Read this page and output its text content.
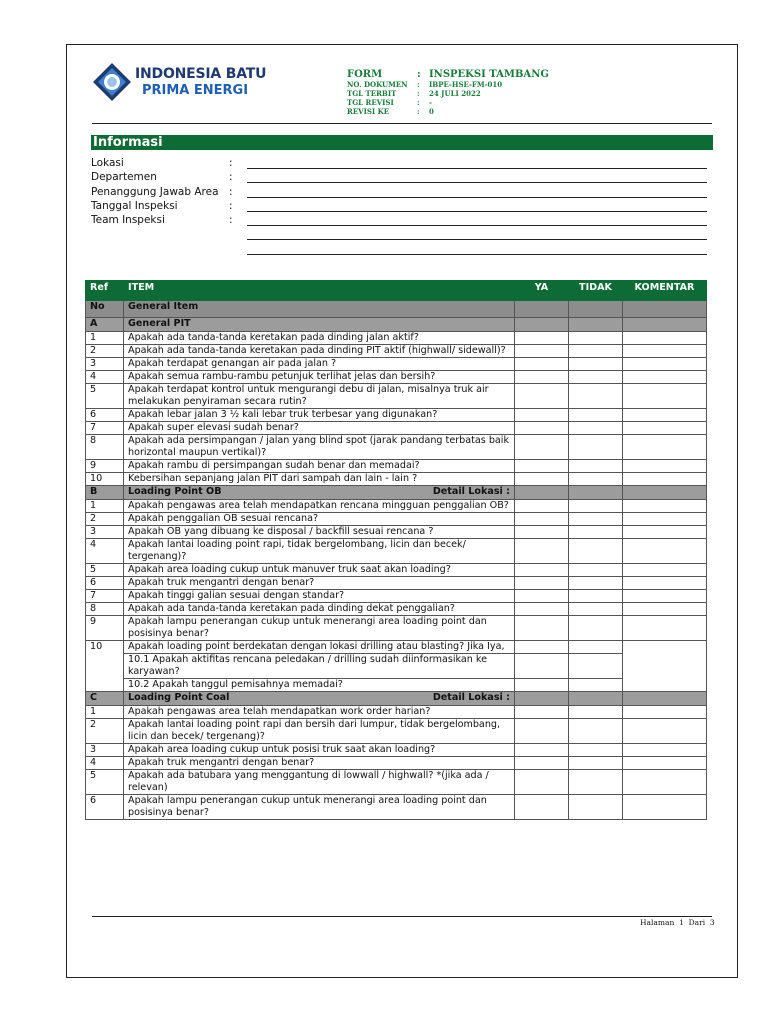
INDONESIA BATU
PRIMA ENERGI
FORM	: INSPEKSI TAMBANG
NO. DOKUMEN	:	IBPE-HSE-FM-010
TGL TERBIT	:	24 JULI 2022
TGL REVISI	:	-
REVISI KE	:	0
Informasi
Lokasi	:
Departemen	:
Penanggung Jawab Area :
Tanggal Inspeksi	:
Team Inspeksi	:
Ref	ITEM	YA	TIDAK	KOMENTAR
No	General Item			
A	General PIT			
1	Apakah ada tanda-tanda keretakan pada dinding jalan aktif?			
2	Apakah ada tanda-tanda keretakan pada dinding PIT aktif (highwall/ sidewall)?			
3	Apakah terdapat genangan air pada jalan ?			
4	Apakah semua rambu-rambu petunjuk terlihat jelas dan bersih?			
5	Apakah terdapat kontrol untuk mengurangi debu di jalan, misalnya truk air melakukan penyiraman secara rutin?			
6	Apakah lebar jalan 3 ½ kali lebar truk terbesar yang digunakan?			
7	Apakah super elevasi sudah benar?			
8	Apakah ada persimpangan / jalan yang blind spot (jarak pandang terbatas baik horizontal maupun vertikal)?			
9	Apakah rambu di persimpangan sudah benar dan memadai?			
10	Kebersihan sepanjang jalan PIT dari sampah dan lain - lain ?			
B	Loading Point OB Detail Lokasi :			

1	Apakah pengawas area telah mendapatkan rencana mingguan penggalian OB?			
2	Apakah penggalian OB sesuai rencana?			
3	Apakah OB yang dibuang ke disposal / backfill sesuai rencana ?			
4	Apakah lantai loading point rapi, tidak bergelombang, licin dan becek/ tergenang)?			
5	Apakah area loading cukup untuk manuver truk saat akan loading?			
6	Apakah truk mengantri dengan benar?			
7	Apakah tinggi galian sesuai dengan standar?			
8	Apakah ada tanda-tanda keretakan pada dinding dekat penggalian?			
9	Apakah lampu penerangan cukup untuk menerangi area loading point dan posisinya benar?			
10	Apakah loading point berdekatan dengan lokasi drilling atau blasting? Jika Iya,			
	10.1 Apakah aktifitas rencana peledakan / drilling sudah diinformasikan ke karyawan?			
	10.2 Apakah tanggul pemisahnya memadai?			
C	Loading Point Coal Detail Lokasi :			

1	Apakah pengawas area telah mendapatkan work order harian?			
2	Apakah lantai loading point rapi dan bersih dari lumpur, tidak bergelombang, licin dan becek/ tergenang)?			
3	Apakah area loading cukup untuk posisi truk saat akan loading?			
4	Apakah truk mengantri dengan benar?			
5	Apakah ada batubara yang menggantung di lowwall / highwall? *(jika ada / relevan)			
6	Apakah lampu penerangan cukup untuk menerangi area loading point dan posisinya benar?			
Halaman 1 Dari 3
